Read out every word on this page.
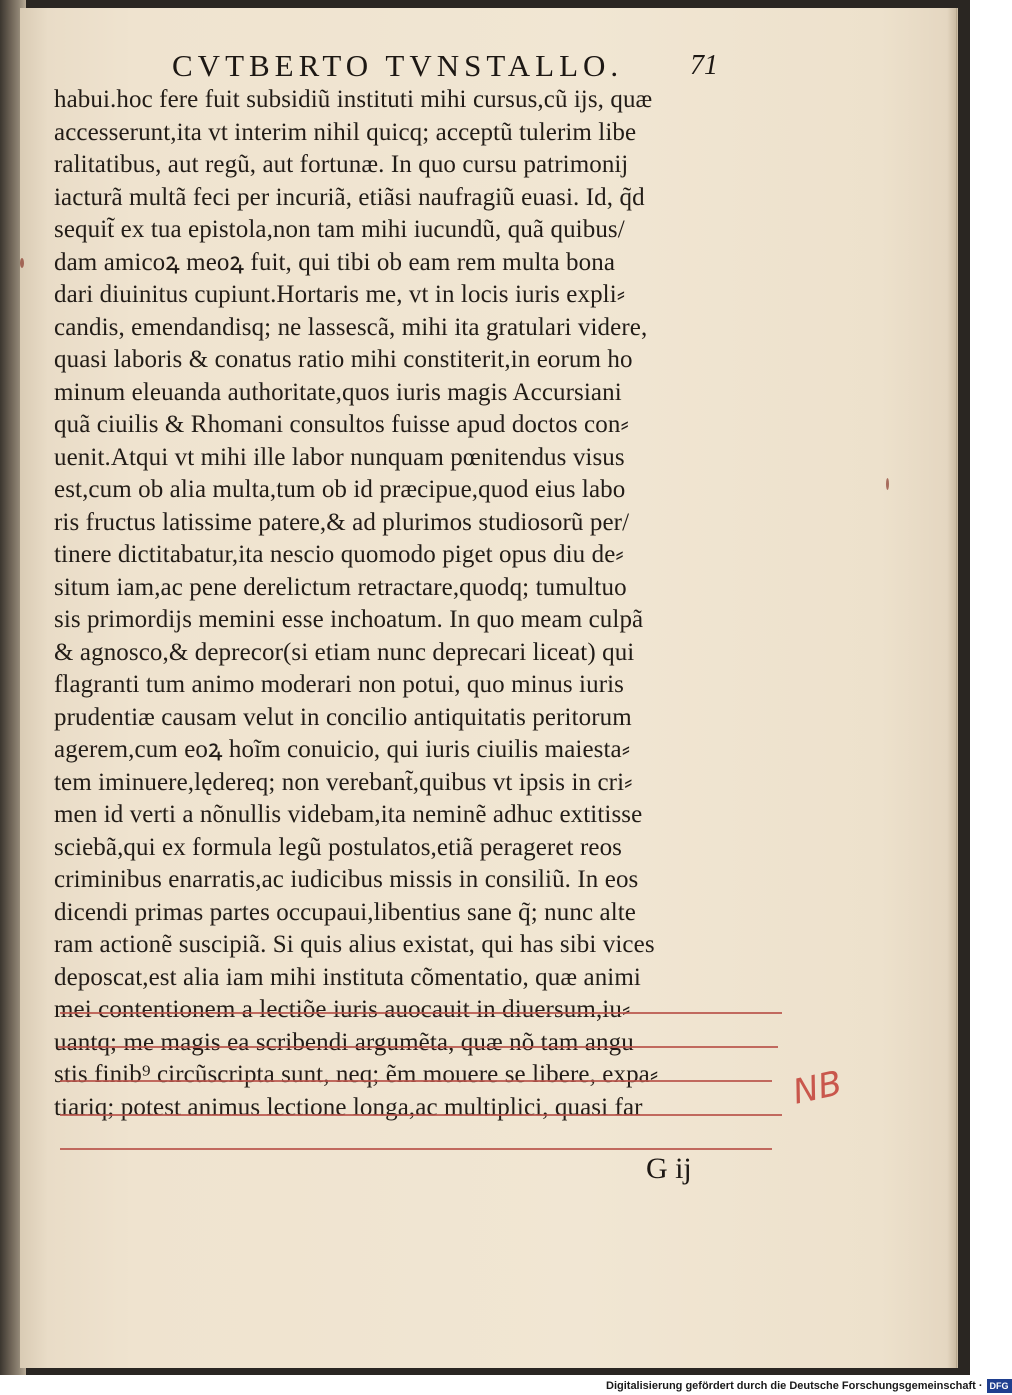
CVTBERTO TVNSTALLO. 71
habui.hoc fere fuit subsidiũ instituti mihi cursus,cũ ĳs, quæ
accesserunt,ita vt interim nihil quicq; acceptũ tulerim libe
ralitatibus, aut regũ, aut fortunæ. In quo cursu patrimonĳ
iacturã multã feci per incuriã, etiãsi naufragiũ euasi. Id, q̃d
sequit̃ ex tua epistola,non tam mihi iucundũ, quã quibus/
dam amicoꝝ meoꝝ fuit, qui tibi ob eam rem multa bona
dari diuinitus cupiunt.Hortaris me, vt in locis iuris expli⸗
candis, emendandisq; ne lassescã, mihi ita gratulari videre,
quasi laboris & conatus ratio mihi constiterit,in eorum ho
minum eleuanda authoritate,quos iuris magis Accursiani
quã ciuilis & Rhomani consultos fuisse apud doctos con⸗
uenit.Atqui vt mihi ille labor nunquam pœnitendus visus
est,cum ob alia multa,tum ob id præcipue,quod eius labo
ris fructus latissime patere,& ad plurimos studiosorũ per/
tinere dictitabatur,ita nescio quomodo piget opus diu de⸗
situm iam,ac pene derelictum retractare,quodq; tumultuo
sis primordĳs memini esse inchoatum. In quo meam culpã
& agnosco,& deprecor(si etiam nunc deprecari liceat) qui
flagranti tum animo moderari non potui, quo minus iuris
prudentiæ causam velut in concilio antiquitatis peritorum
agerem,cum eoꝝ hoĩm conuicio, qui iuris ciuilis maiesta⸗
tem iminuere,lędereq; non verebant̃,quibus vt ipsis in cri⸗
men id verti a nõnullis videbam,ita neminẽ adhuc extitisse
sciebã,qui ex formula legũ postulatos,etiã perageret reos
criminibus enarratis,ac iudicibus missis in consiliũ. In eos
dicendi primas partes occupaui,libentius sane q̃; nunc alte
ram actionẽ suscipiã. Si quis alius existat, qui has sibi vices
deposcat,est alia iam mihi instituta cõmentatio, quæ animi
mei contentionem a lectiõe iuris auocauit in diuersum,iu⸗
uantq; me magis ea scribendi argumẽta, quæ nõ tam angu
stis finib⁹ circũscripta sunt, neq; ẽm mouere se libere, expa⸗
tiariq; potest animus lectione longa,ac multiplici, quasi far	NB
G ĳ
Digitalisierung gefördert durch die Deutsche Forschungsgemeinschaft · DFG
